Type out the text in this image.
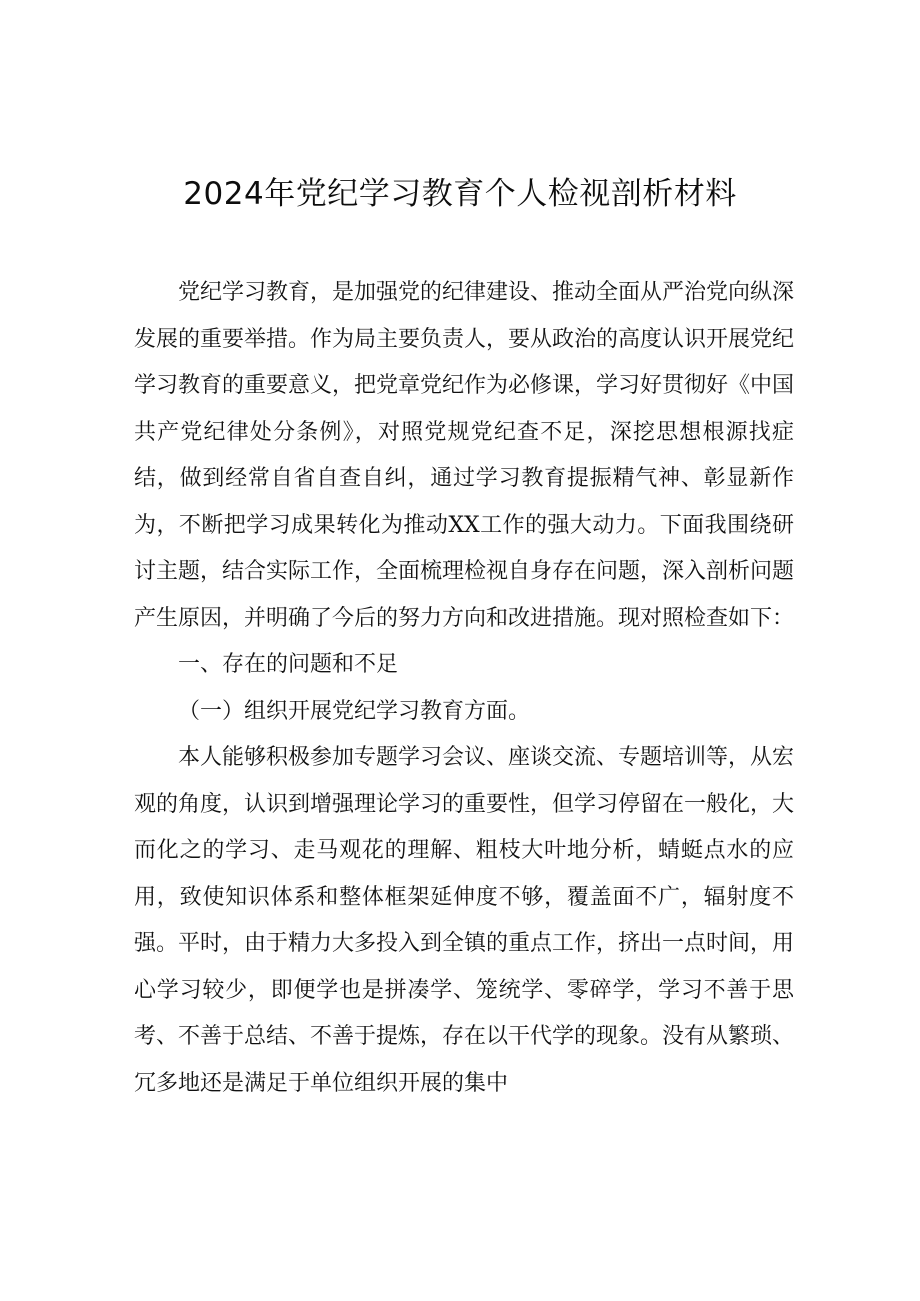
2024年党纪学习教育个人检视剖析材料

党纪学习教育，是加强党的纪律建设、推动全面从严治党向纵深发展的重要举措。作为局主要负责人，要从政治的高度认识开展党纪学习教育的重要意义，把党章党纪作为必修课，学习好贯彻好《中国共产党纪律处分条例》，对照党规党纪查不足，深挖思想根源找症结，做到经常自省自查自纠，通过学习教育提振精气神、彰显新作为，不断把学习成果转化为推动XX工作的强大动力。下面我围绕研讨主题，结合实际工作，全面梳理检视自身存在问题，深入剖析问题产生原因，并明确了今后的努力方向和改进措施。现对照检查如下：

一、存在的问题和不足

（一）组织开展党纪学习教育方面。

本人能够积极参加专题学习会议、座谈交流、专题培训等，从宏观的角度，认识到增强理论学习的重要性，但学习停留在一般化，大而化之的学习、走马观花的理解、粗枝大叶地分析，蜻蜓点水的应用，致使知识体系和整体框架延伸度不够，覆盖面不广，辐射度不强。平时，由于精力大多投入到全镇的重点工作，挤出一点时间，用心学习较少，即便学也是拼凑学、笼统学、零碎学，学习不善于思考、不善于总结、不善于提炼，存在以干代学的现象。没有从繁琐、冗多地还是满足于单位组织开展的集中
